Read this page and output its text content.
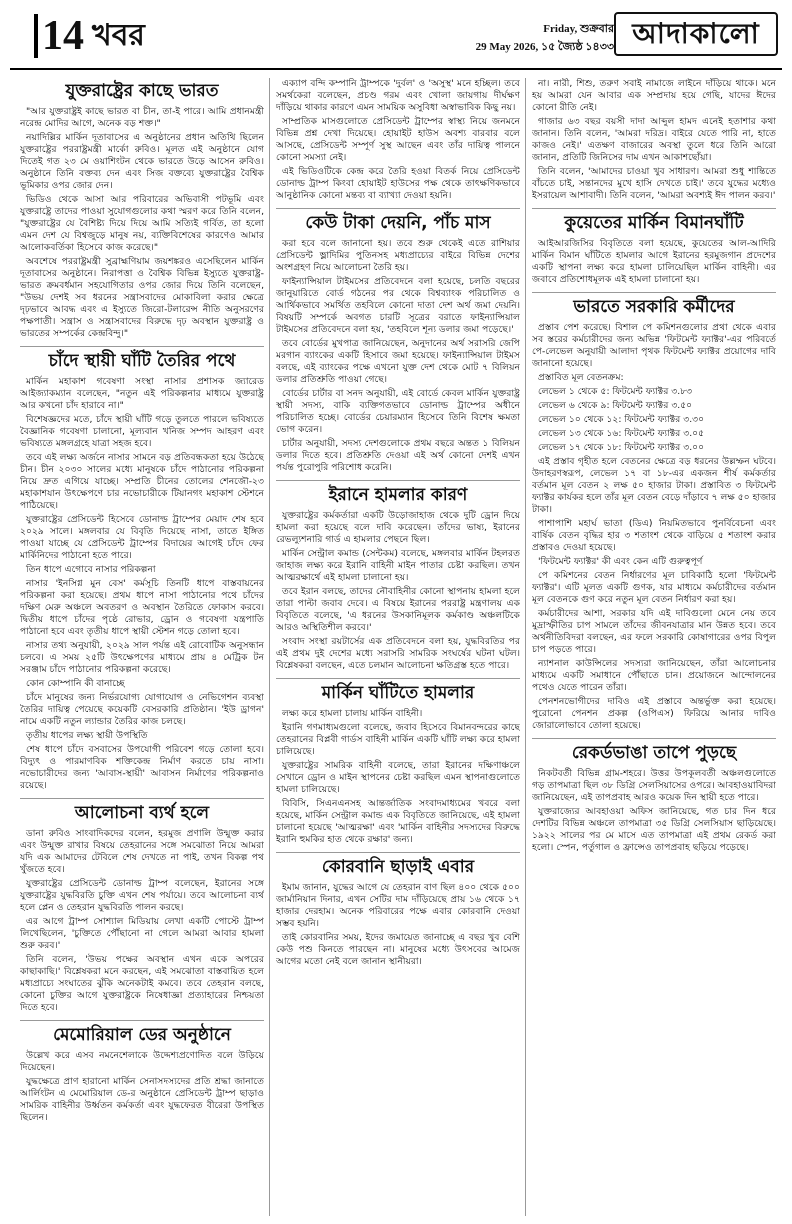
14 খবর	Friday, শুক্রবার
29 May 2026, ১৫ জ্যৈষ্ঠ ১৪৩৩ আদাকালো
যুক্তরাষ্ট্রের কাছে ভারত

"আর যুক্তরাষ্ট্রই কাছে ভারত বা চীন, তা-ই পারে। আমি প্রধানমন্ত্রী নরেন্দ্র মোদির আগে, অনেক বড় শক্ত।"

নয়াদিল্লির মার্কিন দূতাবাসের এ অনুষ্ঠানের প্রধান অতিথি ছিলেন যুক্তরাষ্ট্রের পররাষ্ট্রমন্ত্রী মার্কো রুবিও। মূলত এই অনুষ্ঠানে যোগ দিতেই গত ২৩ মে ওয়াশিংটন থেকে ভারতে উড়ে আসেন রুবিও। অনুষ্ঠানে তিনি বক্তব্য দেন এবং সিজ বক্তব্যে যুক্তরাষ্ট্রের বৈশ্বিক ভূমিকার ওপর জোর দেন।

ভিডিও থেকে আসা আর পরিবারের অভিবাসী পটভূমি এবং যুক্তরাষ্ট্রে তাদের পাওয়া সুযোগগুলোর কথা স্মরণ করে তিনি বলেন, "যুক্তরাষ্ট্রের যে বৈশিষ্ট্য দিয়ে দিয়ে আমি সত্যিই গর্বিত, তা হলো এমন দেশ যে বিশ্বজুড়ে মানুষ নয়, ব্যক্তিবিশেষের কারণেও আমার আলোকবর্তিকা হিসেবে কাজ করেছে।"

অবশেষে পররাষ্ট্রমন্ত্রী সুব্রাহ্মণিয়াম জয়শঙ্করও এসেছিলেন মার্কিন দূতাবাসের অনুষ্ঠানে। নিরাপত্তা ও বৈশ্বিক বিভিন্ন ইস্যুতে যুক্তরাষ্ট্র-ভারত ক্রমবর্ধমান সহযোগিতার ওপর জোর দিয়ে তিনি বলেছেন, "উভয় দেশই সব ধরনের সন্ত্রাসবাদের মোকাবিলা করার ক্ষেত্রে দৃঢ়ভাবে আবদ্ধ এবং এ ইস্যুতে জিরো-টলারেন্স নীতি অনুসরণের পক্ষপাতী। সন্ত্রাস ও সন্ত্রাসবাদের বিরুদ্ধে দৃঢ় অবস্থান যুক্তরাষ্ট্র ও ভারতের সম্পর্কের কেন্দ্রবিন্দু।"

চাঁদে স্থায়ী ঘাঁটি তৈরির পথে

মার্কিন মহাকাশ গবেষণা সংস্থা নাসার প্রশাসক জ্যারেড আইজ্যাকম্যান বলেছেন, "নতুন এই পরিকল্পনার মাধ্যমে যুক্তরাষ্ট্র আর কখনো চাঁদ হারাবে না।"

বিশেষজ্ঞদের মতে, চাঁদে স্থায়ী ঘাঁটি গড়ে তুলতে পারলে ভবিষ্যতে বৈজ্ঞানিক গবেষণা চালানো, মূল্যবান খনিজ সম্পদ আহরণ এবং ভবিষ্যতে মঙ্গলগ্রহে যাত্রা সহজ হবে।

তবে এই লক্ষ্য অর্জনে নাসার সামনে বড় প্রতিবন্ধকতা হয়ে উঠেছে চীন। চীন ২০৩০ সালের মধ্যে মানুষকে চাঁদে পাঠানোর পরিকল্পনা নিয়ে দ্রুত এগিয়ে যাচ্ছে। সম্প্রতি চীনের তোলের শেনজৌ-২৩ মহাকাশযান উৎক্ষেপণে চার নভোচারীকে টিয়ানগং মহাকাশ স্টেশনে পাঠিয়েছে।

যুক্তরাষ্ট্রের প্রেসিডেন্ট হিসেবে ডোনাল্ড ট্রাম্পের মেয়াদ শেষ হবে ২০২৯ সালে। মঙ্গলবার যে বিবৃতি দিয়েছে নাসা, তাতে ইঙ্গিত পাওয়া যাচ্ছে যে প্রেসিডেন্ট ট্রাম্পের বিদায়ের আগেই চাঁদে ফের মার্কিনিদের পাঠানো হতে পারে।

তিন ধাপে এগোবে নাসার পরিকল্পনা

নাসার 'ইনসিগ্ন মুন বেস' কর্মসূচি তিনটি ধাপে বাস্তবায়নের পরিকল্পনা করা হয়েছে। প্রথম ধাপে নাসা পাঠানোর পথে চাঁদের দক্ষিণ মেরু অঞ্চলে অবতরণ ও অবস্থান তৈরিতে ফোকাস করবে। দ্বিতীয় ধাপে চাঁদের পৃষ্ঠে রোভার, ড্রোন ও গবেষণা যন্ত্রপাতি পাঠানো হবে এবং তৃতীয় ধাপে স্থায়ী স্টেশন গড়ে তোলা হবে।

নাসার তথ্য অনুযায়ী, ২০২৯ সাল পর্যন্ত এই রোবোটিক অনুসন্ধান চলবে। এ সময় ২৫টি উৎক্ষেপণের মাধ্যমে প্রায় ৪ মেট্রিক টন সরঞ্জাম চাঁদে পাঠানোর পরিকল্পনা করেছে।

কোন কোম্পানি কী বানাচ্ছে

চাঁদে মানুষের জন্য নির্ভরযোগ্য যোগাযোগ ও নেভিগেশন ব্যবস্থা তৈরির দায়িত্ব পেয়েছে কয়েকটি বেসরকারি প্রতিষ্ঠান। 'ইউ ড্রাগন' নামে একটি নতুন ল্যান্ডার তৈরির কাজ চলছে।

তৃতীয় ধাপের লক্ষ্য স্থায়ী উপস্থিতি

শেষ ধাপে চাঁদে বসবাসের উপযোগী পরিবেশ গড়ে তোলা হবে। বিদ্যুৎ ও পারমাণবিক শক্তিকেন্দ্র নির্মাণ করতে চায় নাসা। নভোচারীদের জন্য 'আবাস-স্থায়ী' আবাসন নির্মাণের পরিকল্পনাও রয়েছে।

আলোচনা ব্যর্থ হলে

ডানা রুবিও সাংবাদিকদের বলেন, হরমুজ প্রণালি উন্মুক্ত করার এবং উন্মুক্ত রাখার বিষয়ে তেহরানের সঙ্গে সমঝোতা নিয়ে আমরা যদি এক আমাদের টেবিলে শেষ দেখতে না পাই, তখন বিকল্প পথ খুঁজতে হবে।

যুক্তরাষ্ট্রের প্রেসিডেন্ট ডোনাল্ড ট্রাম্প বলেছেন, ইরানের সঙ্গে যুক্তরাষ্ট্রের যুদ্ধবিরতি চুক্তি এখন শেষ পর্যায়ে। তবে আলোচনা ব্যর্থ হলে প্লেন ও তেহরান যুদ্ধবিরতি পালন করছে।

এর আগে ট্রাম্প সোশ্যাল মিডিয়ায় লেখা একটি পোস্টে ট্রাম্প লিখেছিলেন, 'চুক্তিতে পৌঁছানো না গেলে আমরা আবার হামলা শুরু করব।'

তিনি বলেন, 'উভয় পক্ষের অবস্থান এখন একে অপরের কাছাকাছি।' বিশ্লেষকরা মনে করছেন, এই সমঝোতা বাস্তবায়িত হলে মধ্যপ্রাচ্যে সংঘাতের ঝুঁকি অনেকটাই কমবে। তবে তেহরান বলছে, কোনো চুক্তির আগে যুক্তরাষ্ট্রকে নিষেধাজ্ঞা প্রত্যাহারের নিশ্চয়তা দিতে হবে।

মেমোরিয়াল ডের অনুষ্ঠানে

উল্লেখ করে এসব নমনেশেলাকে উদ্দেশ্যপ্রণোদিত বলে উড়িয়ে দিয়েছেন।

যুদ্ধক্ষেত্রে প্রাণ হারানো মার্কিন সেনাসদস্যদের প্রতি শ্রদ্ধা জানাতে আর্লিংটন এ মেমোরিয়াল ডে-র অনুষ্ঠানে প্রেসিডেন্ট ট্রাম্প ছাড়াও সামরিক বাহিনীর উর্ধ্বতন কর্মকর্তা এবং যুদ্ধফেরত বীরেরা উপস্থিত ছিলেন।

এক্যাপ বন্দি কম্পানি ট্রাম্পকে 'দুর্বল' ও 'অসুস্থ' মনে হচ্ছিল। তবে সমর্থকেরা বলেছেন, প্রচণ্ড গরম এবং খোলা জায়গায় দীর্ঘক্ষণ দাঁড়িয়ে থাকার কারণে এমন সাময়িক অসুবিধা অস্বাভাবিক কিছু নয়।

সাম্প্রতিক মাসগুলোতে প্রেসিডেন্ট ট্রাম্পের স্বাস্থ্য নিয়ে জনমনে বিভিন্ন প্রশ্ন দেখা দিয়েছে। হোয়াইট হাউস অবশ্য বারবার বলে আসছে, প্রেসিডেন্ট সম্পূর্ণ সুস্থ আছেন এবং তাঁর দায়িত্ব পালনে কোনো সমস্যা নেই।

এই ভিডিওটিকে কেন্দ্র করে তৈরি হওয়া বিতর্ক নিয়ে প্রেসিডেন্ট ডোনাল্ড ট্রাম্প কিংবা হোয়াইট হাউসের পক্ষ থেকে তাৎক্ষণিকভাবে আনুষ্ঠানিক কোনো মন্তব্য বা ব্যাখ্যা দেওয়া হয়নি।

কেউ টাকা দেয়নি, পাঁচ মাস

করা হবে বলে জানানো হয়। তবে শুরু থেকেই এতে রাশিয়ার প্রেসিডেন্ট ভ্লাদিমির পুতিনসহ মধ্যপ্রাচ্যের বাইরে বিভিন্ন দেশের অংশগ্রহণ নিয়ে আলোচনা তৈরি হয়।

ফাইন্যান্সিয়াল টাইমসের প্রতিবেদনে বলা হয়েছে, চলতি বছরের জানুয়ারিতে বোর্ড গঠনের পর থেকে বিশ্বব্যাংক পরিচালিত ও আর্থিকভাবে সমর্থিত তহবিলে কোনো দাতা দেশ অর্থ জমা দেয়নি। বিষয়টি সম্পর্কে অবগত চারটি সূত্রের বরাতে ফাইন্যান্সিয়াল টাইমসের প্রতিবেদনে বলা হয়, 'তহবিলে শূন্য ডলার জমা পড়েছে।'

তবে বোর্ডের মুখপাত্র জানিয়েছেন, অনুদানের অর্থ সরাসরি জেপি মরগান ব্যাংকের একটি হিসাবে জমা হয়েছে। ফাইন্যান্সিয়াল টাইমস বলছে, এই ব্যাংকের পক্ষে এখনো যুক্ত দেশ থেকে মোট ৭ বিলিয়ন ডলার প্রতিশ্রুতি পাওয়া গেছে।

বোর্ডের চার্টার বা সনদ অনুযায়ী, এই বোর্ডে কেবল মার্কিন যুক্তরাষ্ট্র স্থায়ী সদস্য, বাকি ব্যক্তিগতভাবে ডোনাল্ড ট্রাম্পের অধীনে পরিচালিত হচ্ছে। বোর্ডের চেয়ারম্যান হিসেবে তিনি বিশেষ ক্ষমতা ভোগ করেন।

চার্টার অনুযায়ী, সদস্য দেশগুলোকে প্রথম বছরে অন্তত ১ বিলিয়ন ডলার দিতে হবে। প্রতিশ্রুতি দেওয়া এই অর্থ কোনো দেশই এখন পর্যন্ত পুরোপুরি পরিশোধ করেনি।

ইরানে হামলার কারণ

যুক্তরাষ্ট্রের কর্মকর্তারা একটি উড়োজাহাজ থেকে দুটি ড্রোন দিয়ে হামলা করা হয়েছে বলে দাবি করেছেন। তাঁদের ভাষ্য, ইরানের রেভল্যুশনারি গার্ড এ হামলার পেছনে ছিল।

মার্কিন সেন্ট্রাল কমান্ড (সেন্টকম) বলেছে, মঙ্গলবার মার্কিন টহলরত জাহাজ লক্ষ্য করে ইরানি বাহিনী মাইন পাতার চেষ্টা করছিল। তখন আত্মরক্ষার্থে এই হামলা চালানো হয়।

তবে ইরান বলছে, তাদের নৌবাহিনীর কোনো স্থাপনায় হামলা হলে তারা পাল্টা জবাব দেবে। এ বিষয়ে ইরানের পররাষ্ট্র মন্ত্রণালয় এক বিবৃতিতে বলেছে, 'এ ধরনের উসকানিমূলক কর্মকাণ্ড অঞ্চলটিকে আরও অস্থিতিশীল করবে।'

সংবাদ সংস্থা রয়টার্সের এক প্রতিবেদনে বলা হয়, যুদ্ধবিরতির পর এই প্রথম দুই দেশের মধ্যে সরাসরি সামরিক সংঘর্ষের ঘটনা ঘটল। বিশ্লেষকরা বলছেন, এতে চলমান আলোচনা ক্ষতিগ্রস্ত হতে পারে।

মার্কিন ঘাঁটিতে হামলার

লক্ষ্য করে হামলা চালায় মার্কিন বাহিনী।

ইরানি গণমাধ্যমগুলো বলেছে, জবাব হিসেবে বিমানবন্দরের কাছে তেহরানের বিপ্লবী গার্ডস বাহিনী মার্কিন একটি ঘাঁটি লক্ষ্য করে হামলা চালিয়েছে।

যুক্তরাষ্ট্রের সামরিক বাহিনী বলেছে, তারা ইরানের দক্ষিণাঞ্চলে সেখানে ড্রোন ও মাইন স্থাপনের চেষ্টা করছিল এমন স্থাপনাগুলোতে হামলা চালিয়েছে।

বিবিসি, সিএনএনসহ আন্তর্জাতিক সংবাদমাধ্যমের খবরে বলা হয়েছে, মার্কিন সেন্ট্রাল কমান্ড এক বিবৃতিতে জানিয়েছে, এই হামলা চালানো হয়েছে 'আত্মরক্ষা' এবং 'মার্কিন বাহিনীর সদস্যদের বিরুদ্ধে ইরানি হুমকির হাত থেকে রক্ষার' জন্য।

কোরবানি ছাড়াই এবার

ইমাম জানান, যুদ্ধের আগে যে তেহরান বাণ ছিল ৪০০ থেকে ৫০০ জার্মানিয়ান দিনার, এখন সেটির দাম দাঁড়িয়েছে প্রায় ১৬ থেকে ১৭ হাজার দেরহাম। অনেক পরিবারের পক্ষে এবার কোরবানি দেওয়া সম্ভব হয়নি।

তাই কোরবানির সময়, ইদের জমায়েত জানাচ্ছে এ বছর খুব বেশি কেউ পশু কিনতে পারছেন না। মানুষের মধ্যে উৎসবের আমেজ আগের মতো নেই বলে জানান স্থানীয়রা।

না। নারী, শিশু, তরুণ সবাই নামাজে লাইনে দাঁড়িয়ে থাকে। মনে হয় আমরা যেন আবার এক সম্প্রদায় হয়ে গেছি, যাদের ঈদের কোনো রীতি নেই।

গাজার ৬৩ বছর বয়সী দাদা আব্দুল হামদ এনেই হতাশার কথা জানান। তিনি বলেন, 'আমরা দরিদ্র। বাইরে যেতে পারি না, হাতে কাজও নেই।' এতক্ষণ বাজারের অবস্থা তুলে ধরে তিনি আরো জানান, প্রতিটি জিনিসের দাম এখন আকাশছোঁয়া।

তিনি বলেন, 'আমাদের চাওয়া খুব সাধারণ। আমরা শুধু শান্তিতে বাঁচতে চাই, সন্তানদের মুখে হাসি দেখতে চাই।' তবে যুদ্ধের মধ্যেও ইসরায়েল আশাবাদী। তিনি বলেন, 'আমরা অবশ্যই ঈদ পালন করব।'

কুয়েতের মার্কিন বিমানঘাঁটি

আইআরজিসির বিবৃতিতে বলা হয়েছে, কুয়েতের আল-আদিরি মার্কিন বিমান ঘাঁটিতে হামলার আগে ইরানের হরমুজগান প্রদেশের একটি স্থাপনা লক্ষ্য করে হামলা চালিয়েছিল মার্কিন বাহিনী। এর জবাবে প্রতিশোধমূলক এই হামলা চালানো হয়।

ভারতে সরকারি কর্মীদের

প্রস্তাব পেশ করেছে। বিশাল পে কমিশনগুলোর প্রথা থেকে এবার সব স্তরের কর্মচারীদের জন্য অভিন্ন 'ফিটমেন্ট ফ্যাক্টর'-এর পরিবর্তে পে-লেভেল অনুযায়ী আলাদা পৃথক ফিটমেন্ট ফ্যাক্টর প্রয়োগের দাবি জানানো হয়েছে।

প্রস্তাবিত মূল বেতনক্রম:

লেভেল ১ থেকে ৫: ফিটমেন্ট ফ্যাক্টর ৩.৮৩

লেভেল ৬ থেকে ৯: ফিটমেন্ট ফ্যাক্টর ৩.৫০

লেভেল ১০ থেকে ১২: ফিটমেন্ট ফ্যাক্টর ৩.৩০

লেভেল ১৩ থেকে ১৬: ফিটমেন্ট ফ্যাক্টর ৩.০৫

লেভেল ১৭ থেকে ১৮: ফিটমেন্ট ফ্যাক্টর ৩.০০

এই প্রস্তাব গৃহীত হলে বেতনের ক্ষেত্রে বড় ধরনের উল্লম্ফন ঘটবে। উদাহরণস্বরূপ, লেভেল ১৭ বা ১৮-এর একজন শীর্ষ কর্মকর্তার বর্তমান মূল বেতন ২ লক্ষ ৫০ হাজার টাকা। প্রস্তাবিত ৩ ফিটমেন্ট ফ্যাক্টর কার্যকর হলে তাঁর মূল বেতন বেড়ে দাঁড়াবে ৭ লক্ষ ৫০ হাজার টাকা।

পাশাপাশি মহার্ঘ ভাতা (ডিএ) নিয়মিতভাবে পুনর্বিবেচনা এবং বার্ষিক বেতন বৃদ্ধির হার ৩ শতাংশ থেকে বাড়িয়ে ৫ শতাংশ করার প্রস্তাবও দেওয়া হয়েছে।

'ফিটমেন্ট ফ্যাক্টর' কী এবং কেন এটি গুরুত্বপূর্ণ

পে কমিশনের বেতন নির্ধারণের মূল চাবিকাঠি হলো 'ফিটমেন্ট ফ্যাক্টর'। এটি মূলত একটি গুণক, যার মাধ্যমে কর্মচারীদের বর্তমান মূল বেতনকে গুণ করে নতুন মূল বেতন নির্ধারণ করা হয়।

কর্মচারীদের আশা, সরকার যদি এই দাবিগুলো মেনে নেয় তবে মুদ্রাস্ফীতির চাপ সামলে তাঁদের জীবনযাত্রার মান উন্নত হবে। তবে অর্থনীতিবিদরা বলছেন, এর ফলে সরকারি কোষাগারের ওপর বিপুল চাপ পড়তে পারে।

ন্যাশনাল কাউন্সিলের সদস্যরা জানিয়েছেন, তাঁরা আলোচনার মাধ্যমে একটি সমাধানে পৌঁছাতে চান। প্রয়োজনে আন্দোলনের পথেও যেতে পারেন তাঁরা।

পেনশনভোগীদের দাবিও এই প্রস্তাবে অন্তর্ভুক্ত করা হয়েছে। পুরোনো পেনশন প্রকল্প (ওপিএস) ফিরিয়ে আনার দাবিও জোরালোভাবে তোলা হয়েছে।

রেকর্ডভাঙা তাপে পুড়ছে

নিকটবর্তী বিভিন্ন গ্রাম-শহরে। উত্তর উপকূলবর্তী অঞ্চলগুলোতে গড় তাপমাত্রা ছিল ৩৮ ডিগ্রি সেলসিয়াসের ওপরে। আবহাওয়াবিদরা জানিয়েছেন, এই তাপপ্রবাহ আরও কয়েক দিন স্থায়ী হতে পারে।

যুক্তরাজ্যের আবহাওয়া অফিস জানিয়েছে, গত চার দিন ধরে দেশটির বিভিন্ন অঞ্চলে তাপমাত্রা ৩৫ ডিগ্রি সেলসিয়াস ছাড়িয়েছে। ১৯২২ সালের পর মে মাসে এত তাপমাত্রা এই প্রথম রেকর্ড করা হলো। স্পেন, পর্তুগাল ও ফ্রান্সেও তাপপ্রবাহ ছড়িয়ে পড়েছে।
